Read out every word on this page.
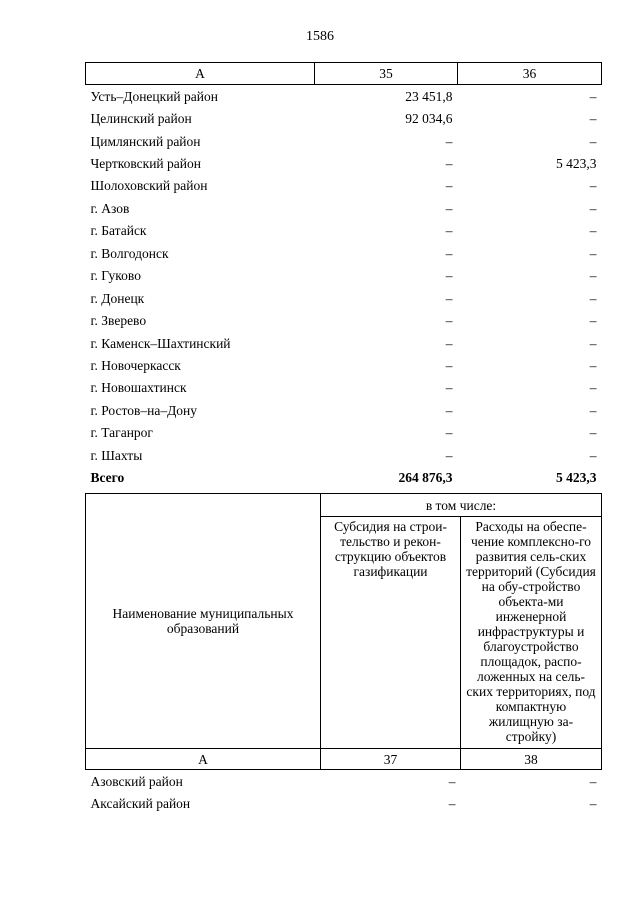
1586
А	35	36
Усть–Донецкий район	23 451,8	–
Целинский район	92 034,6	–
Цимлянский район	–	–
Чертковский район	–	5 423,3
Шолоховский район	–	–
г. Азов	–	–
г. Батайск	–	–
г. Волгодонск	–	–
г. Гуково	–	–
г. Донецк	–	–
г. Зверево	–	–
г. Каменск–Шахтинский	–	–
г. Новочеркасск	–	–
г. Новошахтинск	–	–
г. Ростов–на–Дону	–	–
г. Таганрог	–	–
г. Шахты	–	–
Всего	264 876,3	5 423,3
Наименование муниципальных образований	в том числе:	
	Субсидия на строи-тельство и рекон-струкцию объектов газификации	Расходы на обеспе-чение комплексно-го развития сель-ских территорий (Субсидия на обу-стройство объекта-ми инженерной инфраструктуры и благоустройство площадок, распо-ложенных на сель-ских территориях, под компактную жилищную за-стройку)
А	37	38
Азовский район	–	–
Аксайский район	–	–
